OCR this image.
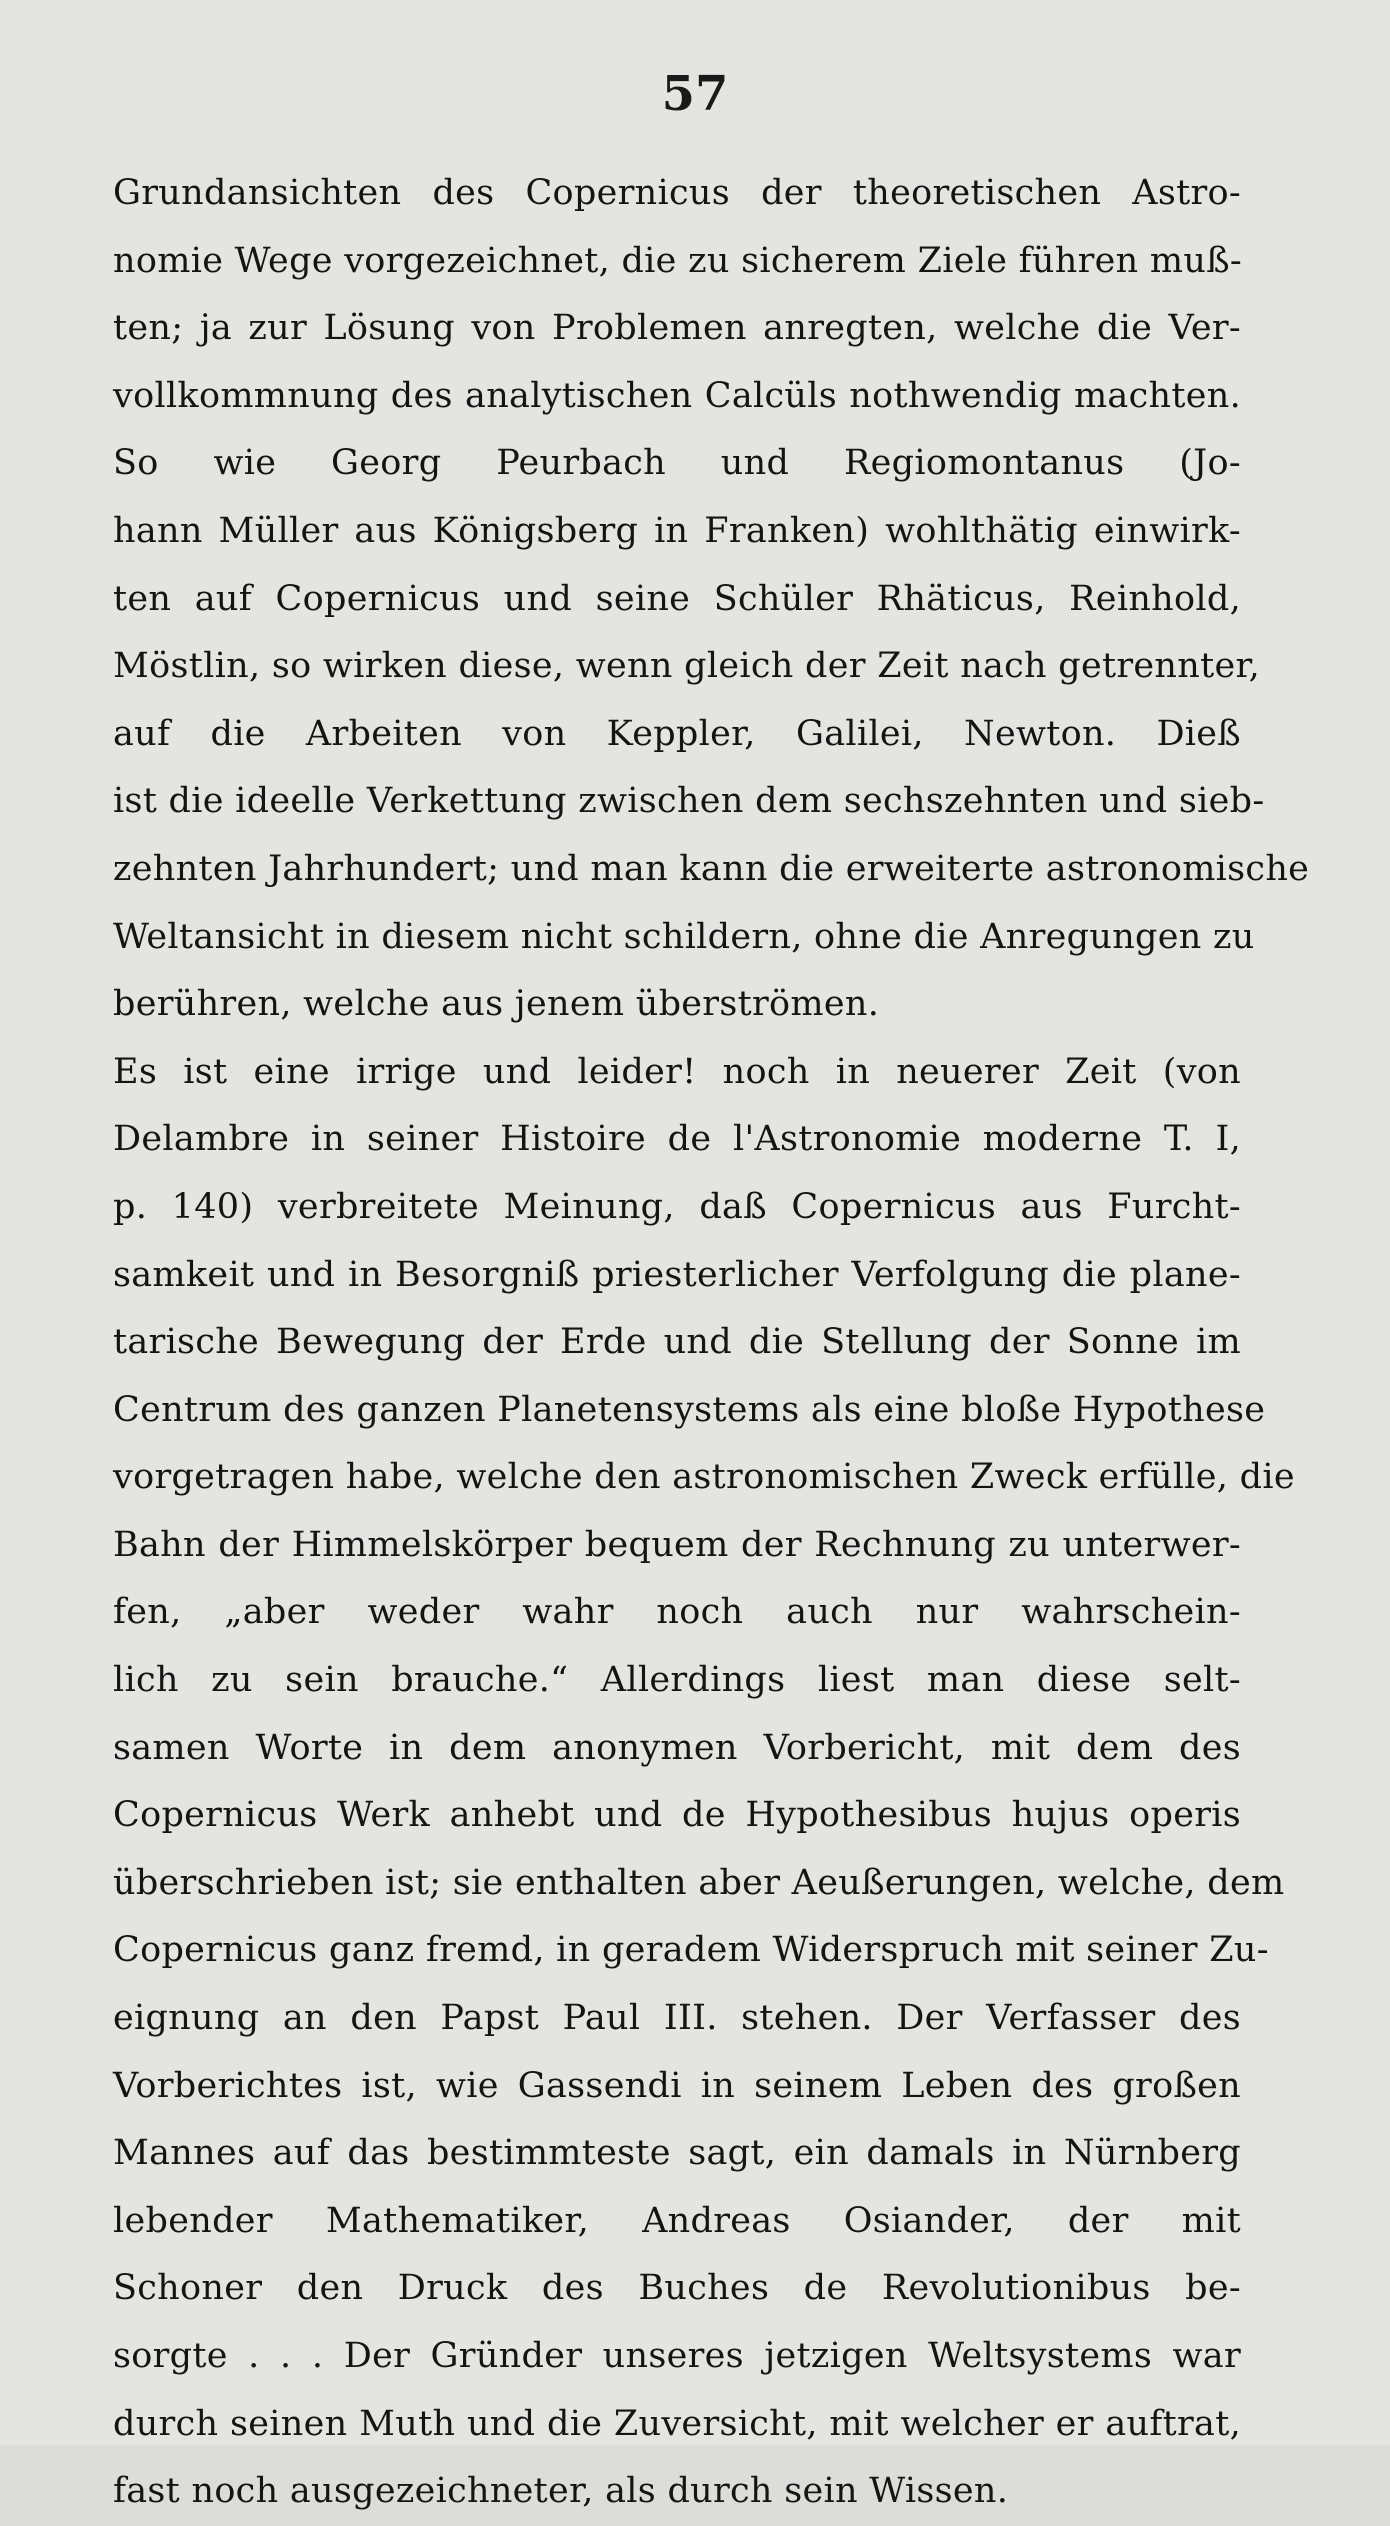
57
Grundansichten des Copernicus der theoretischen Astro-
nomie Wege vorgezeichnet, die zu sicherem Ziele führen muß-
ten; ja zur Lösung von Problemen anregten, welche die Ver-
vollkommnung des analytischen Calcüls nothwendig machten.
So wie Georg Peurbach und Regiomontanus (Jo-
hann Müller aus Königsberg in Franken) wohlthätig einwirk-
ten auf Copernicus und seine Schüler Rhäticus, Reinhold,
Möstlin, so wirken diese, wenn gleich der Zeit nach getrennter,
auf die Arbeiten von Keppler, Galilei, Newton. Dieß
ist die ideelle Verkettung zwischen dem sechszehnten und sieb-
zehnten Jahrhundert; und man kann die erweiterte astronomische
Weltansicht in diesem nicht schildern, ohne die Anregungen zu
berühren, welche aus jenem überströmen.
Es ist eine irrige und leider! noch in neuerer Zeit (von
Delambre in seiner Histoire de l'Astronomie moderne T. I,
p. 140) verbreitete Meinung, daß Copernicus aus Furcht-
samkeit und in Besorgniß priesterlicher Verfolgung die plane-
tarische Bewegung der Erde und die Stellung der Sonne im
Centrum des ganzen Planetensystems als eine bloße Hypothese
vorgetragen habe, welche den astronomischen Zweck erfülle, die
Bahn der Himmelskörper bequem der Rechnung zu unterwer-
fen, „aber weder wahr noch auch nur wahrschein-
lich zu sein brauche.“ Allerdings liest man diese selt-
samen Worte in dem anonymen Vorbericht, mit dem des
Copernicus Werk anhebt und de Hypothesibus hujus operis
überschrieben ist; sie enthalten aber Aeußerungen, welche, dem
Copernicus ganz fremd, in geradem Widerspruch mit seiner Zu-
eignung an den Papst Paul III. stehen. Der Verfasser des
Vorberichtes ist, wie Gassendi in seinem Leben des großen
Mannes auf das bestimmteste sagt, ein damals in Nürnberg
lebender Mathematiker, Andreas Osiander, der mit
Schoner den Druck des Buches de Revolutionibus be-
sorgte . . . Der Gründer unseres jetzigen Weltsystems war
durch seinen Muth und die Zuversicht, mit welcher er auftrat,
fast noch ausgezeichneter, als durch sein Wissen.
